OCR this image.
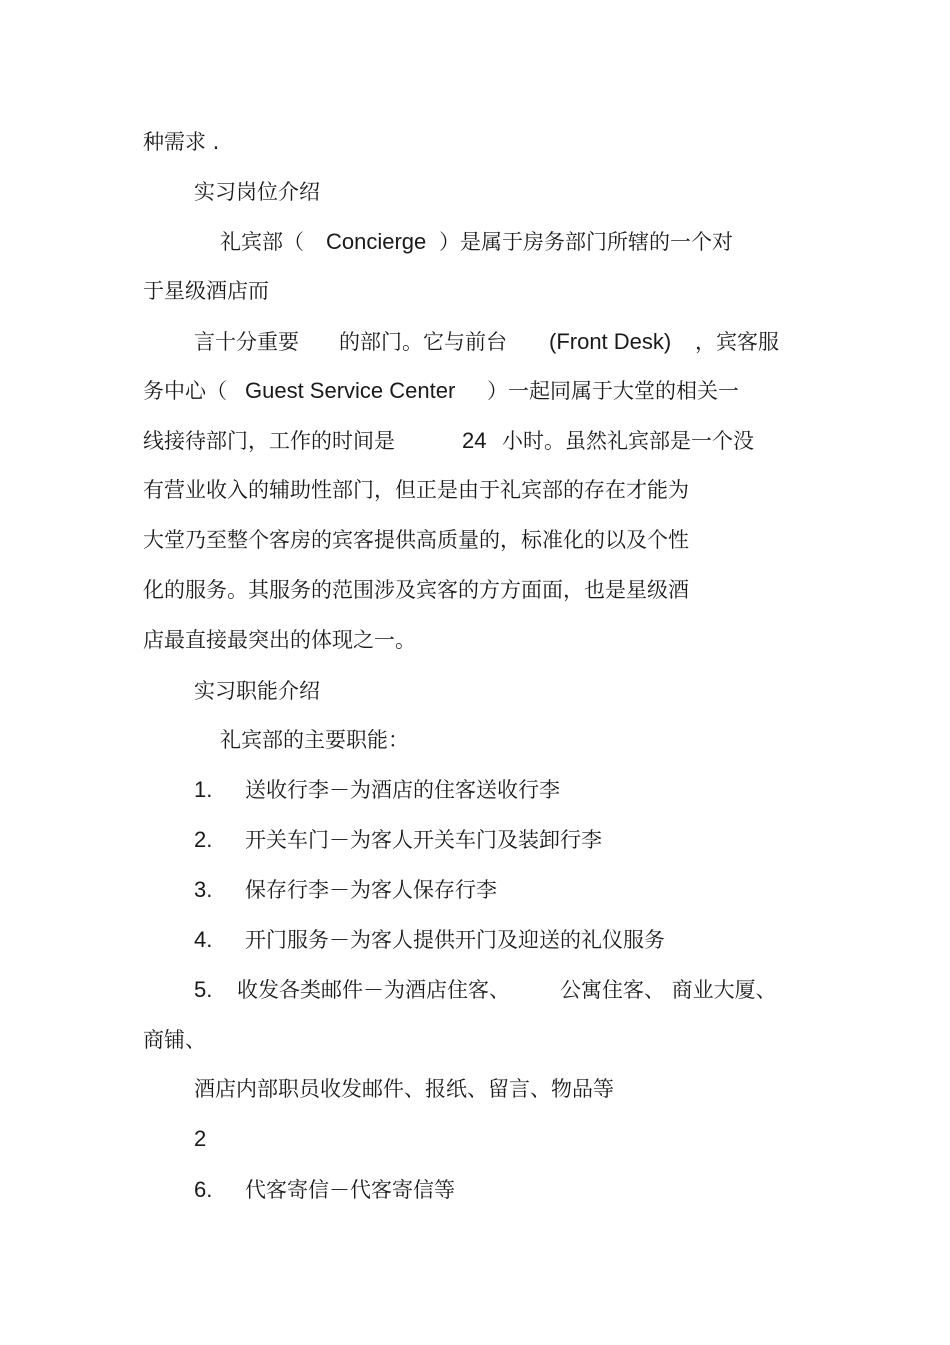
种需求 .
实习岗位介绍
礼宾部（ Concierge ）是属于房务部门所辖的一个对
于星级酒店而
言十分重要 的部门。它与前台 (Front Desk) ，宾客服
务中心（ Guest Service Center ）一起同属于大堂的相关一
线接待部门，工作的时间是	24 小时。虽然礼宾部是一个没
有营业收入的辅助性部门，但正是由于礼宾部的存在才能为
大堂乃至整个客房的宾客提供高质量的，标准化的以及个性
化的服务。其服务的范围涉及宾客的方方面面，也是星级酒
店最直接最突出的体现之一。
实习职能介绍
礼宾部的主要职能：
1. 送收行李－为酒店的住客送收行李
2. 开关车门－为客人开关车门及装卸行李
3. 保存行李－为客人保存行李
4. 开门服务－为客人提供开门及迎送的礼仪服务
5. 收发各类邮件－为酒店住客、 公寓住客、 商业大厦、
商铺、
酒店内部职员收发邮件、报纸、留言、物品等
2
6. 代客寄信－代客寄信等
